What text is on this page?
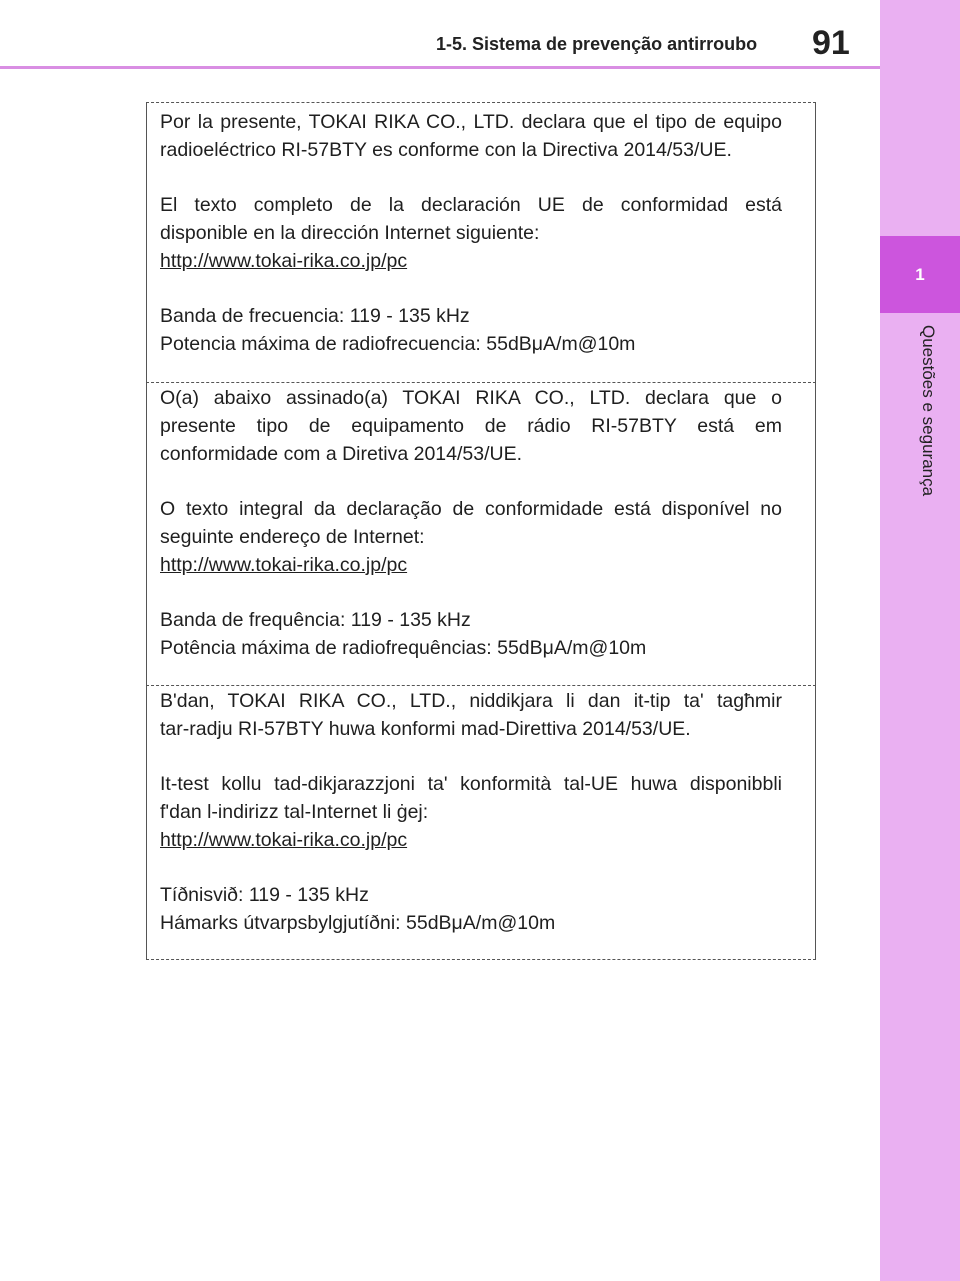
1
Questões e segurança
1-5. Sistema de prevenção antirroubo 91

Por la presente, TOKAI RIKA CO., LTD. declara que el tipo de equipo

radioeléctrico RI-57BTY es conforme con la Directiva 2014/53/UE.

El texto completo de la declaración UE de conformidad está

disponible en la dirección Internet siguiente:

http://www.tokai-rika.co.jp/pc

Banda de frecuencia: 119 - 135 kHz

Potencia máxima de radiofrecuencia: 55dBμA/m@10m

O(a) abaixo assinado(a) TOKAI RIKA CO., LTD. declara que o

presente tipo de equipamento de rádio RI-57BTY está em

conformidade com a Diretiva 2014/53/UE.

O texto integral da declaração de conformidade está disponível no

seguinte endereço de Internet:

http://www.tokai-rika.co.jp/pc

Banda de frequência: 119 - 135 kHz

Potência máxima de radiofrequências: 55dBμA/m@10m

B'dan, TOKAI RIKA CO., LTD., niddikjara li dan it-tip ta' tagħmir

tar-radju RI-57BTY huwa konformi mad-Direttiva 2014/53/UE.

It-test kollu tad-dikjarazzjoni ta' konformità tal-UE huwa disponibbli

f'dan l-indirizz tal-Internet li ġej:

http://www.tokai-rika.co.jp/pc

Tíðnisvið: 119 - 135 kHz

Hámarks útvarpsbylgjutíðni: 55dBμA/m@10m
